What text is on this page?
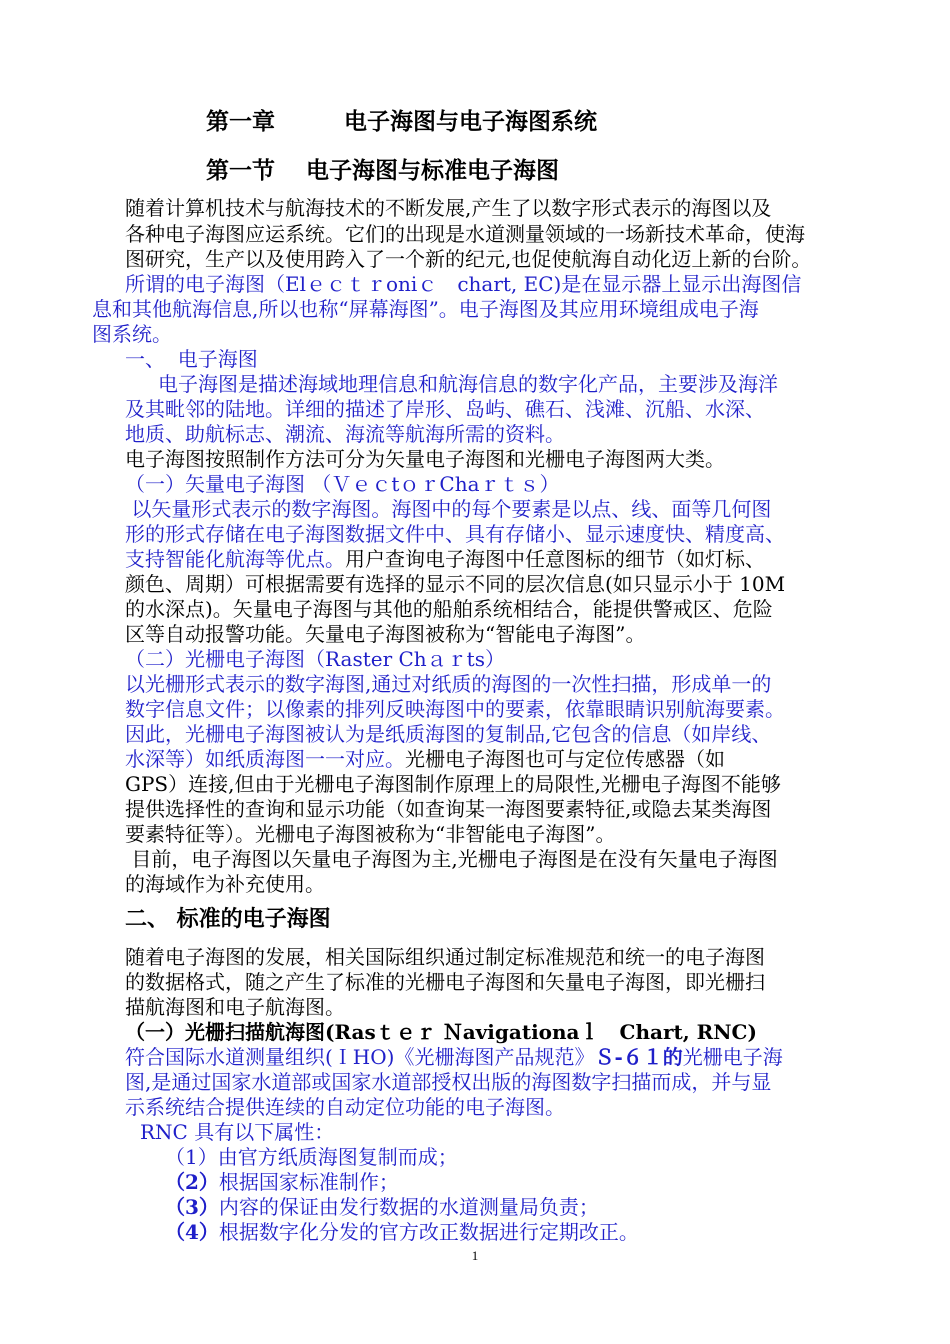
第一章　　　电子海图与电子海图系统
第一节　 电子海图与标准电子海图
随着计算机技术与航海技术的不断发展,产生了以数字形式表示的海图以及
各种电子海图应运系统。它们的出现是水道测量领域的一场新技术革命，使海
图研究，生产以及使用跨入了一个新的纪元,也促使航海自动化迈上新的台阶。
所谓的电子海图（Elｅｃｔｒoniｃ　chart, EC)是在显示器上显示出海图信
息和其他航海信息,所以也称“屏幕海图”。电子海图及其应用环境组成电子海
图系统。
一、  电子海图
电子海图是描述海域地理信息和航海信息的数字化产品，主要涉及海洋
及其毗邻的陆地。详细的描述了岸形、岛屿、礁石、浅滩、沉船、水深、
地质、助航标志、潮流、海流等航海所需的资料。
电子海图按照制作方法可分为矢量电子海图和光栅电子海图两大类。
（一）矢量电子海图 （ＶｅｃtｏｒChaｒｔｓ）
以矢量形式表示的数字海图。海图中的每个要素是以点、线、面等几何图
形的形式存储在电子海图数据文件中、具有存储小、显示速度快、精度高、
支持智能化航海等优点。用户查询电子海图中任意图标的细节（如灯标、
颜色、周期）可根据需要有选择的显示不同的层次信息(如只显示小于 10M
的水深点)。矢量电子海图与其他的船舶系统相结合，能提供警戒区、危险
区等自动报警功能。矢量电子海图被称为“智能电子海图”。
（二）光栅电子海图（Raster Chａｒts）
以光栅形式表示的数字海图,通过对纸质的海图的一次性扫描，形成单一的
数字信息文件；以像素的排列反映海图中的要素，依靠眼睛识别航海要素。
因此，光栅电子海图被认为是纸质海图的复制品,它包含的信息（如岸线、
水深等）如纸质海图一一对应。光栅电子海图也可与定位传感器（如
GPS）连接,但由于光栅电子海图制作原理上的局限性,光栅电子海图不能够
提供选择性的查询和显示功能（如查询某一海图要素特征,或隐去某类海图
要素特征等）。光栅电子海图被称为“非智能电子海图”。
目前，电子海图以矢量电子海图为主,光栅电子海图是在没有矢量电子海图
的海域作为补充使用。
二、 标准的电子海图
随着电子海图的发展，相关国际组织通过制定标准规范和统一的电子海图
的数据格式，随之产生了标准的光栅电子海图和矢量电子海图，即光栅扫
描航海图和电子航海图。
（一）光栅扫描航海图(Rasｔｅｒ Ｎavigationaｌ　Chart, RNC)
符合国际水道测量组织(ＩHO)《光栅海图产品规范》Ｓ-６１的光栅电子海
图,是通过国家水道部或国家水道部授权出版的海图数字扫描而成，并与显
示系统结合提供连续的自动定位功能的电子海图。
RNC 具有以下属性：
（1）由官方纸质海图复制而成；
（2）根据国家标准制作；
（3）内容的保证由发行数据的水道测量局负责；
（4）根据数字化分发的官方改正数据进行定期改正。
1
